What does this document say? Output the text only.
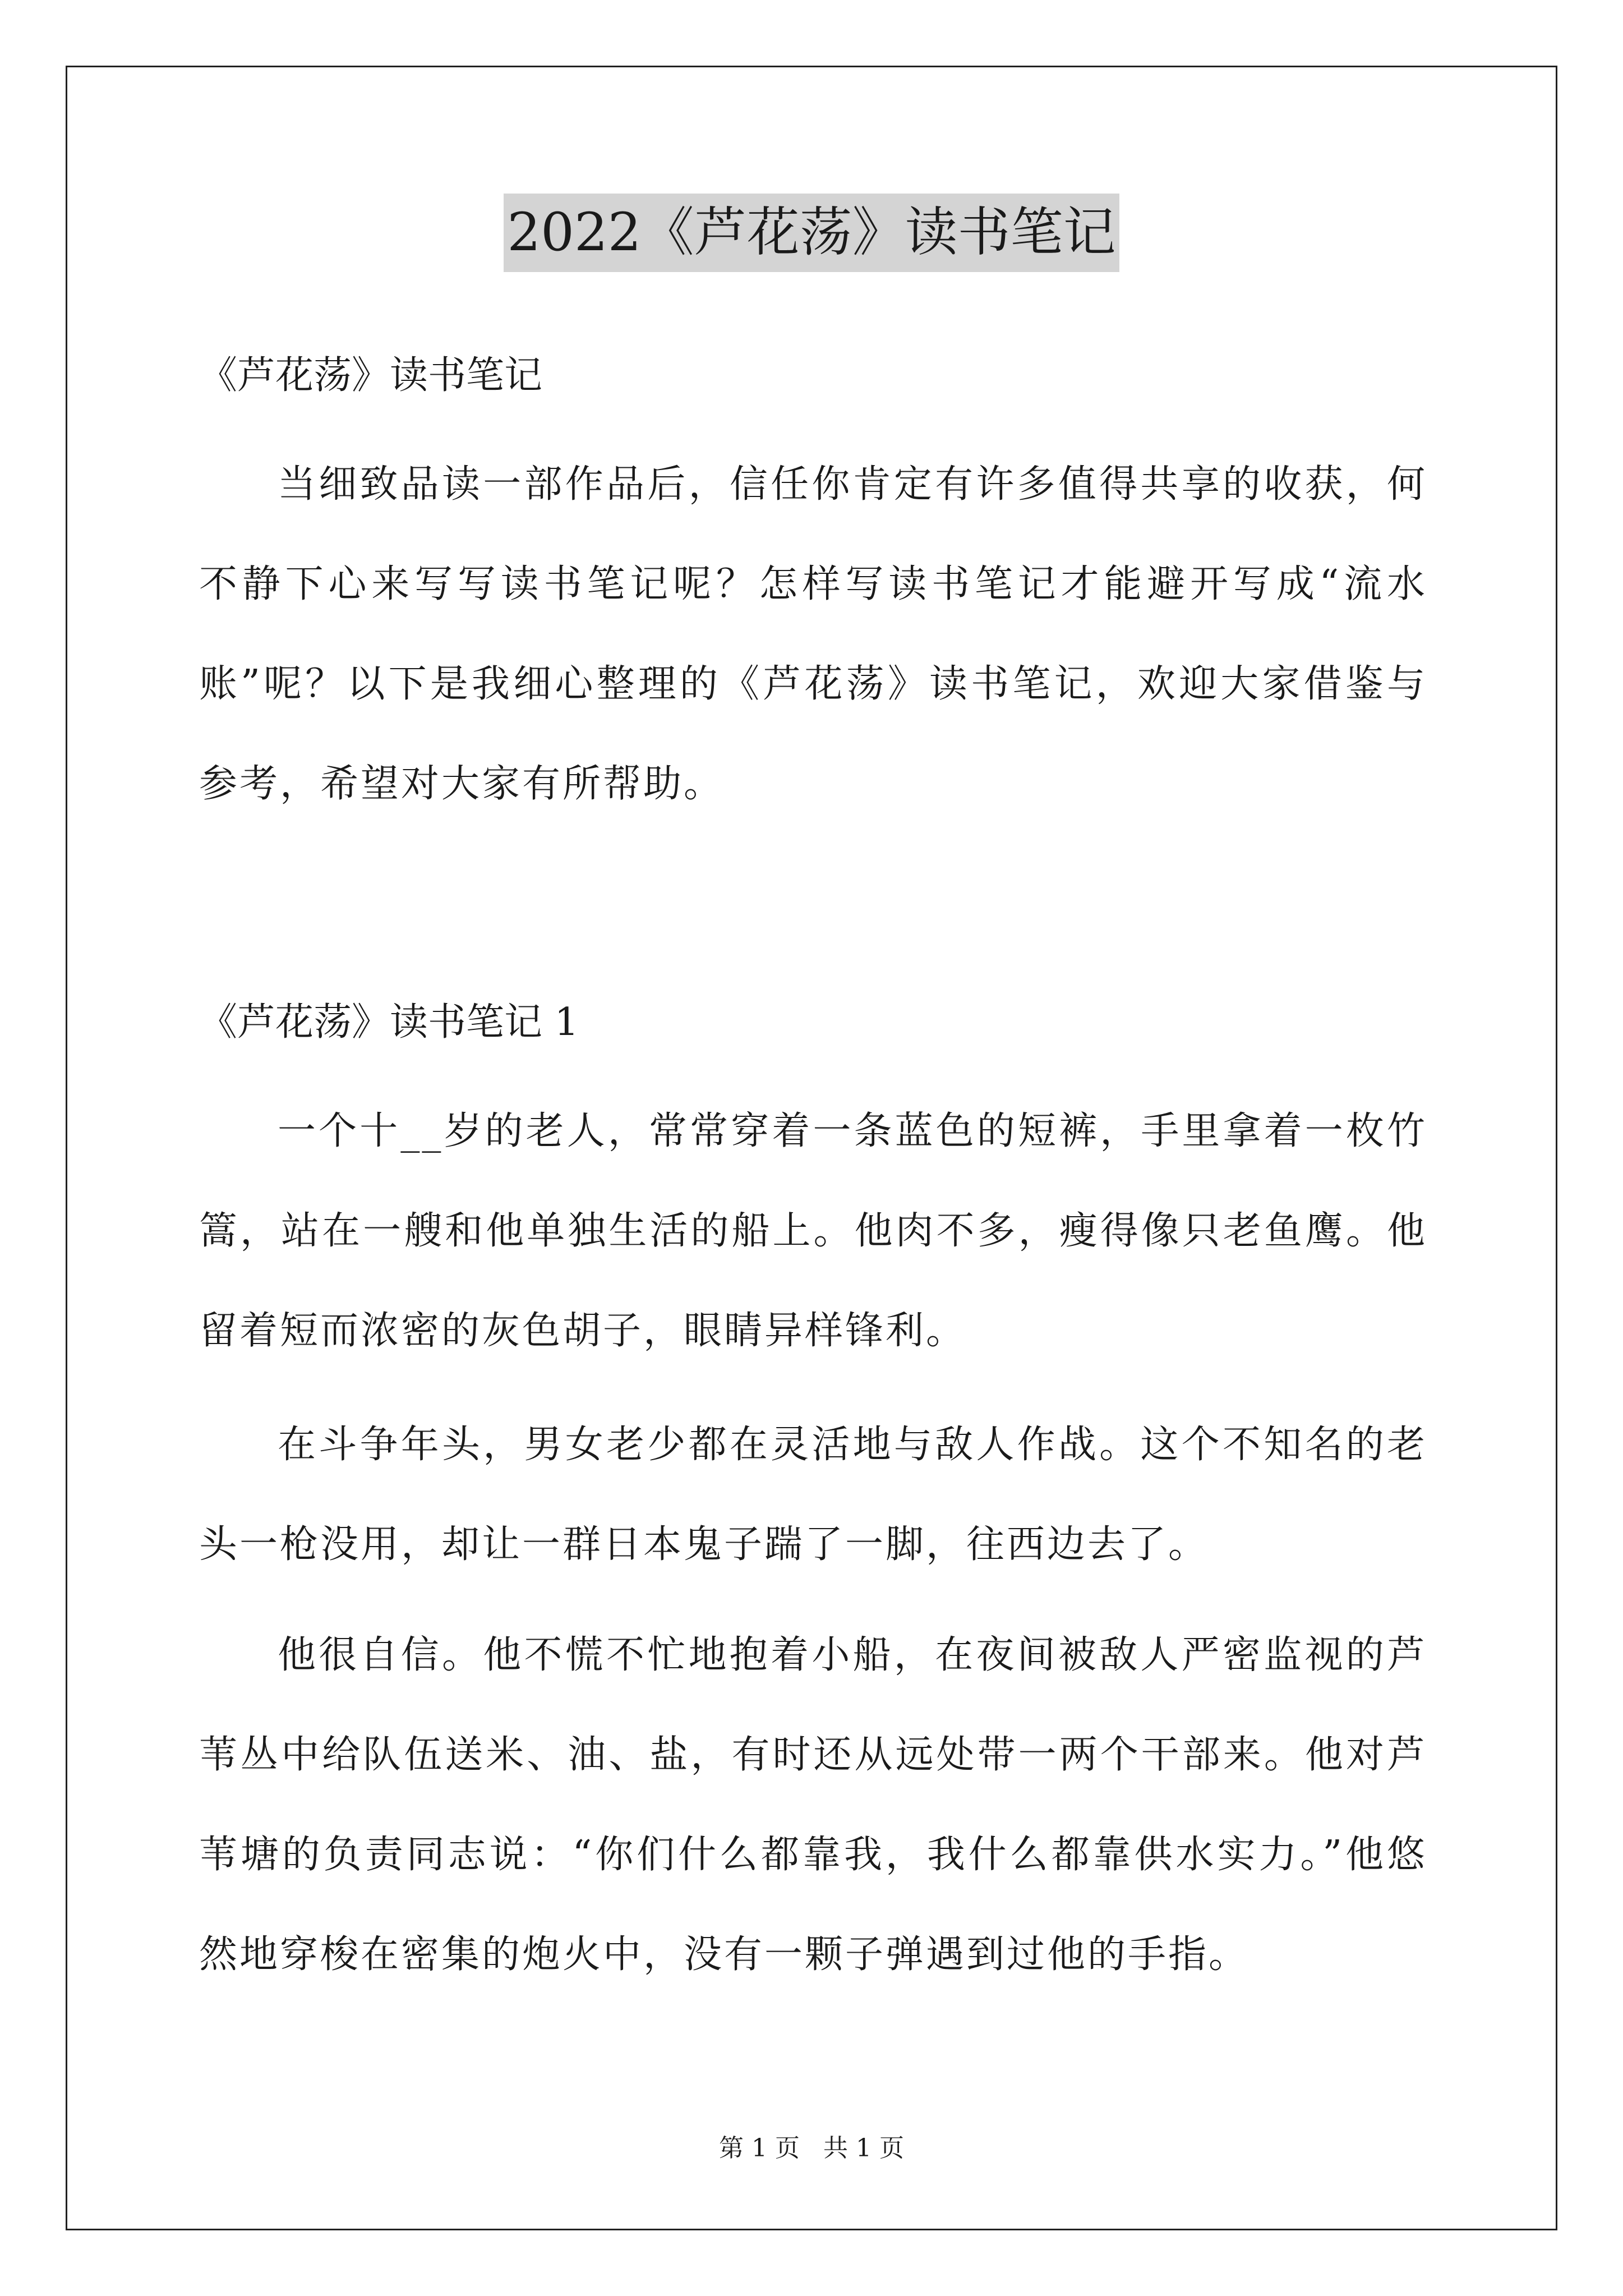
2022《芦花荡》读书笔记
《芦花荡》读书笔记

当细致品读一部作品后，信任你肯定有许多值得共享的收获，何不静下心来写写读书笔记呢？怎样写读书笔记才能避开写成“流水账”呢？以下是我细心整理的《芦花荡》读书笔记，欢迎大家借鉴与参考，希望对大家有所帮助。

《芦花荡》读书笔记 1

一个十__岁的老人，常常穿着一条蓝色的短裤，手里拿着一枚竹篙，站在一艘和他单独生活的船上。他肉不多，瘦得像只老鱼鹰。他留着短而浓密的灰色胡子，眼睛异样锋利。

在斗争年头，男女老少都在灵活地与敌人作战。这个不知名的老头一枪没用，却让一群日本鬼子踹了一脚，往西边去了。

他很自信。他不慌不忙地抱着小船，在夜间被敌人严密监视的芦苇丛中给队伍送米、油、盐，有时还从远处带一两个干部来。他对芦苇塘的负责同志说：“你们什么都靠我，我什么都靠供水实力。”他悠然地穿梭在密集的炮火中，没有一颗子弹遇到过他的手指。

第 1 页   共 1 页
